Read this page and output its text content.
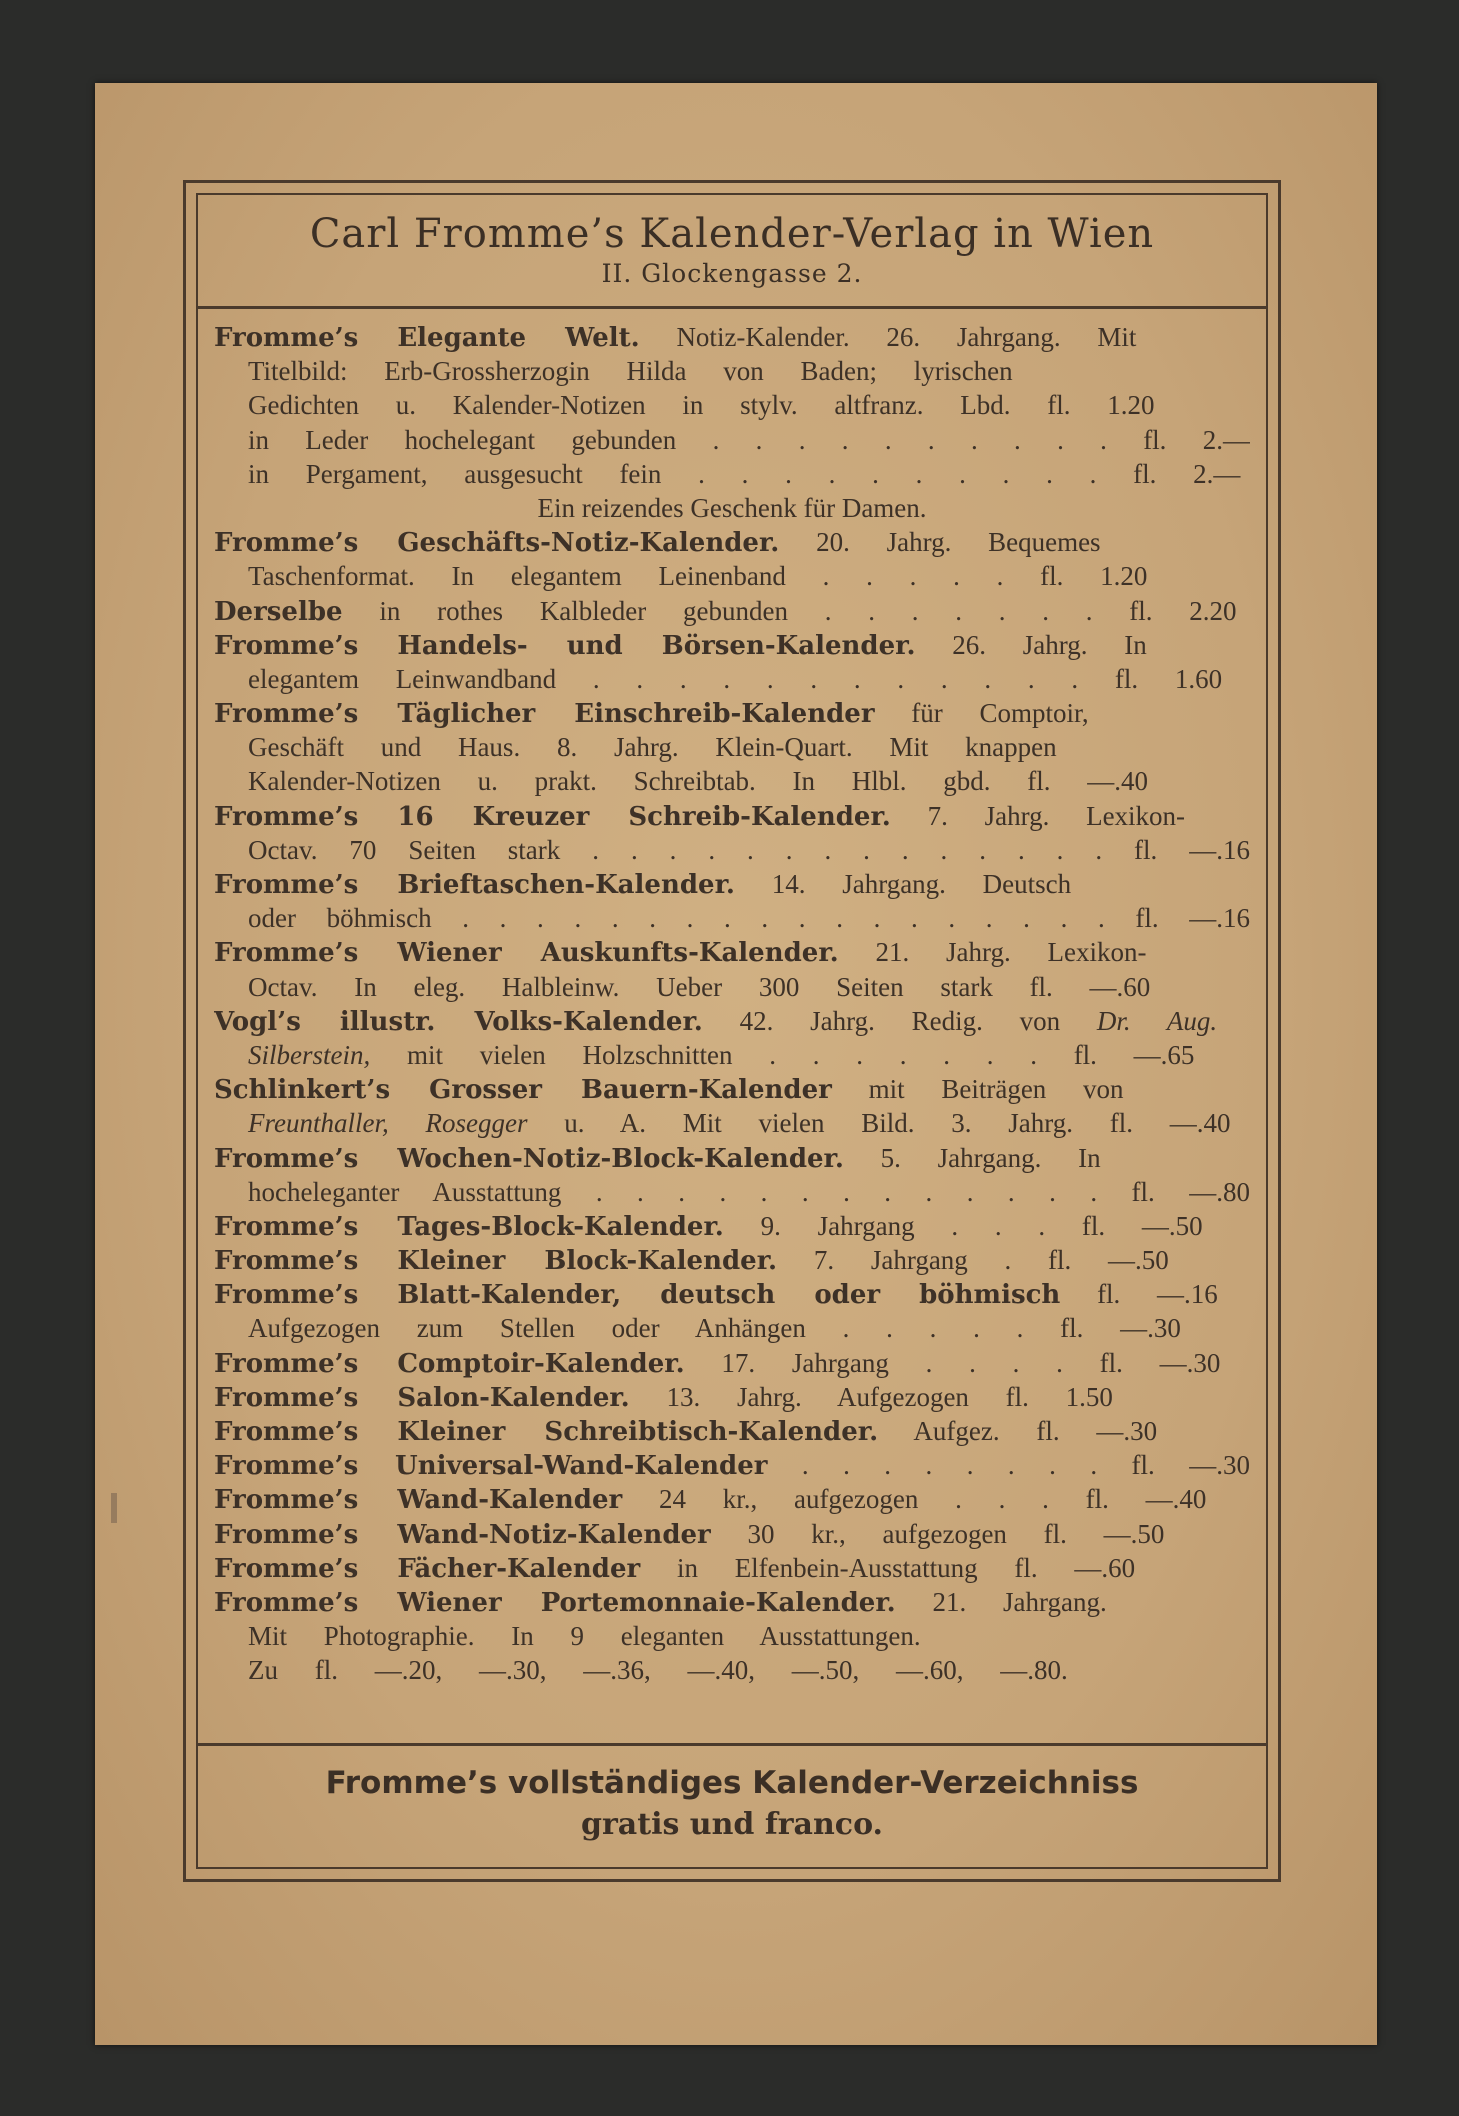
Carl Fromme’s Kalender-Verlag in Wien
II. Glockengasse 2.
Fromme’s Elegante Welt. Notiz-Kalender. 26. Jahrgang. Mit
Titelbild: Erb-Grossherzogin Hilda von Baden; lyrischen
Gedichten u. Kalender-Notizen in stylv. altfranz. Lbd. fl. 1.20
in Leder hochelegant gebunden . . . . . . . . . . fl. 2.—
in Pergament, ausgesucht fein . . . . . . . . . . fl. 2.—
Ein reizendes Geschenk für Damen.
Fromme’s Geschäfts-Notiz-Kalender. 20. Jahrg. Bequemes
Taschenformat. In elegantem Leinenband . . . . . fl. 1.20
Derselbe in rothes Kalbleder gebunden . . . . . . . fl. 2.20
Fromme’s Handels- und Börsen-Kalender. 26. Jahrg. In
elegantem Leinwandband . . . . . . . . . . . . fl. 1.60
Fromme’s Täglicher Einschreib-Kalender für Comptoir,
Geschäft und Haus. 8. Jahrg. Klein-Quart. Mit knappen
Kalender-Notizen u. prakt. Schreibtab. In Hlbl. gbd. fl. —.40
Fromme’s 16 Kreuzer Schreib-Kalender. 7. Jahrg. Lexikon-
Octav. 70 Seiten stark . . . . . . . . . . . . . . fl. —.16
Fromme’s Brieftaschen-Kalender. 14. Jahrgang. Deutsch
oder böhmisch . . . . . . . . . . . . . . . . . . fl. —.16
Fromme’s Wiener Auskunfts-Kalender. 21. Jahrg. Lexikon-
Octav. In eleg. Halbleinw. Ueber 300 Seiten stark fl. —.60
Vogl’s illustr. Volks-Kalender. 42. Jahrg. Redig. von Dr. Aug.
Silberstein, mit vielen Holzschnitten . . . . . . . fl. —.65
Schlinkert’s Grosser Bauern-Kalender mit Beiträgen von
Freunthaller, Rosegger u. A. Mit vielen Bild. 3. Jahrg. fl. —.40
Fromme’s Wochen-Notiz-Block-Kalender. 5. Jahrgang. In
hocheleganter Ausstattung . . . . . . . . . . . . . fl. —.80
Fromme’s Tages-Block-Kalender. 9. Jahrgang . . . fl. —.50
Fromme’s Kleiner Block-Kalender. 7. Jahrgang . fl. —.50
Fromme’s Blatt-Kalender, deutsch oder böhmisch fl. —.16
Aufgezogen zum Stellen oder Anhängen . . . . . fl. —.30
Fromme’s Comptoir-Kalender. 17. Jahrgang . . . . fl. —.30
Fromme’s Salon-Kalender. 13. Jahrg. Aufgezogen fl. 1.50
Fromme’s Kleiner Schreibtisch-Kalender. Aufgez. fl. —.30
Fromme’s Universal-Wand-Kalender . . . . . . . . fl. —.30
Fromme’s Wand-Kalender 24 kr., aufgezogen . . . fl. —.40
Fromme’s Wand-Notiz-Kalender 30 kr., aufgezogen fl. —.50
Fromme’s Fächer-Kalender in Elfenbein-Ausstattung fl. —.60
Fromme’s Wiener Portemonnaie-Kalender. 21. Jahrgang.
Mit Photographie. In 9 eleganten Ausstattungen.
Zu fl. —.20, —.30, —.36, —.40, —.50, —.60, —.80.
Fromme’s vollständiges Kalender-Verzeichniss
gratis und franco.
